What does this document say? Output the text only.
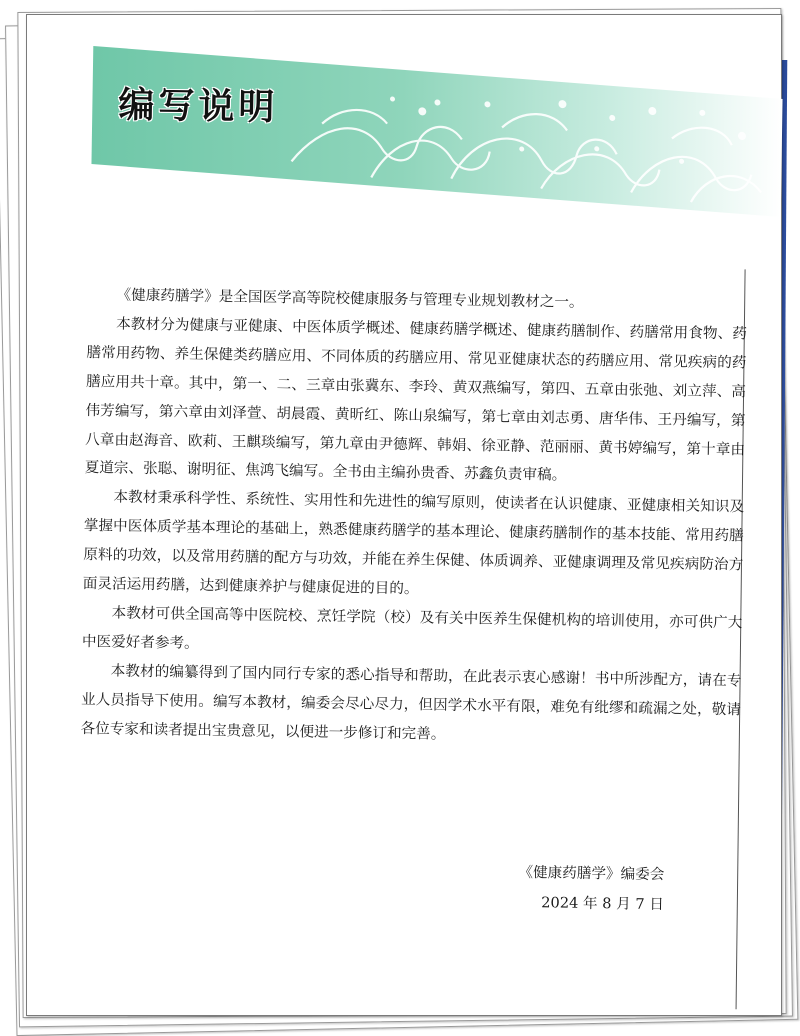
编写说明

《健康药膳学》是全国医学高等院校健康服务与管理专业规划教材之一。

本教材分为健康与亚健康、中医体质学概述、健康药膳学概述、健康药膳制作、药膳常用食物、药膳常用药物、养生保健类药膳应用、不同体质的药膳应用、常见亚健康状态的药膳应用、常见疾病的药膳应用共十章。其中，第一、二、三章由张冀东、李玲、黄双燕编写，第四、五章由张弛、刘立萍、高伟芳编写，第六章由刘泽萱、胡晨霞、黄昕红、陈山泉编写，第七章由刘志勇、唐华伟、王丹编写，第八章由赵海音、欧莉、王麒琰编写，第九章由尹德辉、韩娟、徐亚静、范丽丽、黄书婷编写，第十章由夏道宗、张聪、谢明征、焦鸿飞编写。全书由主编孙贵香、苏鑫负责审稿。

本教材秉承科学性、系统性、实用性和先进性的编写原则，使读者在认识健康、亚健康相关知识及掌握中医体质学基本理论的基础上，熟悉健康药膳学的基本理论、健康药膳制作的基本技能、常用药膳原料的功效，以及常用药膳的配方与功效，并能在养生保健、体质调养、亚健康调理及常见疾病防治方面灵活运用药膳，达到健康养护与健康促进的目的。

本教材可供全国高等中医院校、烹饪学院（校）及有关中医养生保健机构的培训使用，亦可供广大中医爱好者参考。

本教材的编纂得到了国内同行专家的悉心指导和帮助，在此表示衷心感谢！书中所涉配方，请在专业人员指导下使用。编写本教材，编委会尽心尽力，但因学术水平有限，难免有纰缪和疏漏之处，敬请各位专家和读者提出宝贵意见，以便进一步修订和完善。

《健康药膳学》编委会
2024 年 8 月 7 日
